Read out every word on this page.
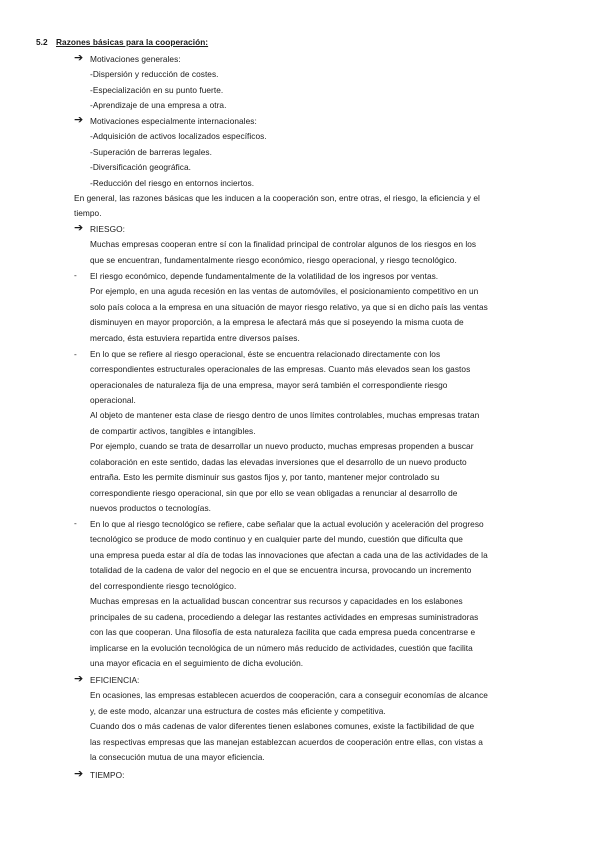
5.2 Razones básicas para la cooperación:
➔
➔
➔
➔
➔
-
-
-
Motivaciones generales:
-Dispersión y reducción de costes.
-Especialización en su punto fuerte.
-Aprendizaje de una empresa a otra.
Motivaciones especialmente internacionales:
-Adquisición de activos localizados específicos.
-Superación de barreras legales.
-Diversificación geográfica.
-Reducción del riesgo en entornos inciertos.
En general, las razones básicas que les inducen a la cooperación son, entre otras, el riesgo, la eficiencia y el
tiempo.
RIESGO:
Muchas empresas cooperan entre sí con la finalidad principal de controlar algunos de los riesgos en los
que se encuentran, fundamentalmente riesgo económico, riesgo operacional, y riesgo tecnológico.
El riesgo económico, depende fundamentalmente de la volatilidad de los ingresos por ventas.
Por ejemplo, en una aguda recesión en las ventas de automóviles, el posicionamiento competitivo en un
solo país coloca a la empresa en una situación de mayor riesgo relativo, ya que si en dicho país las ventas
disminuyen en mayor proporción, a la empresa le afectará más que si poseyendo la misma cuota de
mercado, ésta estuviera repartida entre diversos países.
En lo que se refiere al riesgo operacional, éste se encuentra relacionado directamente con los
correspondientes estructurales operacionales de las empresas. Cuanto más elevados sean los gastos
operacionales de naturaleza fija de una empresa, mayor será también el correspondiente riesgo
operacional.
Al objeto de mantener esta clase de riesgo dentro de unos límites controlables, muchas empresas tratan
de compartir activos, tangibles e intangibles.
Por ejemplo, cuando se trata de desarrollar un nuevo producto, muchas empresas propenden a buscar
colaboración en este sentido, dadas las elevadas inversiones que el desarrollo de un nuevo producto
entraña. Esto les permite disminuir sus gastos fijos y, por tanto, mantener mejor controlado su
correspondiente riesgo operacional, sin que por ello se vean obligadas a renunciar al desarrollo de
nuevos productos o tecnologías.
En lo que al riesgo tecnológico se refiere, cabe señalar que la actual evolución y aceleración del progreso
tecnológico se produce de modo continuo y en cualquier parte del mundo, cuestión que dificulta que
una empresa pueda estar al día de todas las innovaciones que afectan a cada una de las actividades de la
totalidad de la cadena de valor del negocio en el que se encuentra incursa, provocando un incremento
del correspondiente riesgo tecnológico.
Muchas empresas en la actualidad buscan concentrar sus recursos y capacidades en los eslabones
principales de su cadena, procediendo a delegar las restantes actividades en empresas suministradoras
con las que cooperan. Una filosofía de esta naturaleza facilita que cada empresa pueda concentrarse e
implicarse en la evolución tecnológica de un número más reducido de actividades, cuestión que facilita
una mayor eficacia en el seguimiento de dicha evolución.
EFICIENCIA:
En ocasiones, las empresas establecen acuerdos de cooperación, cara a conseguir economías de alcance
y, de este modo, alcanzar una estructura de costes más eficiente y competitiva.
Cuando dos o más cadenas de valor diferentes tienen eslabones comunes, existe la factibilidad de que
las respectivas empresas que las manejan establezcan acuerdos de cooperación entre ellas, con vistas a
la consecución mutua de una mayor eficiencia.
TIEMPO:
